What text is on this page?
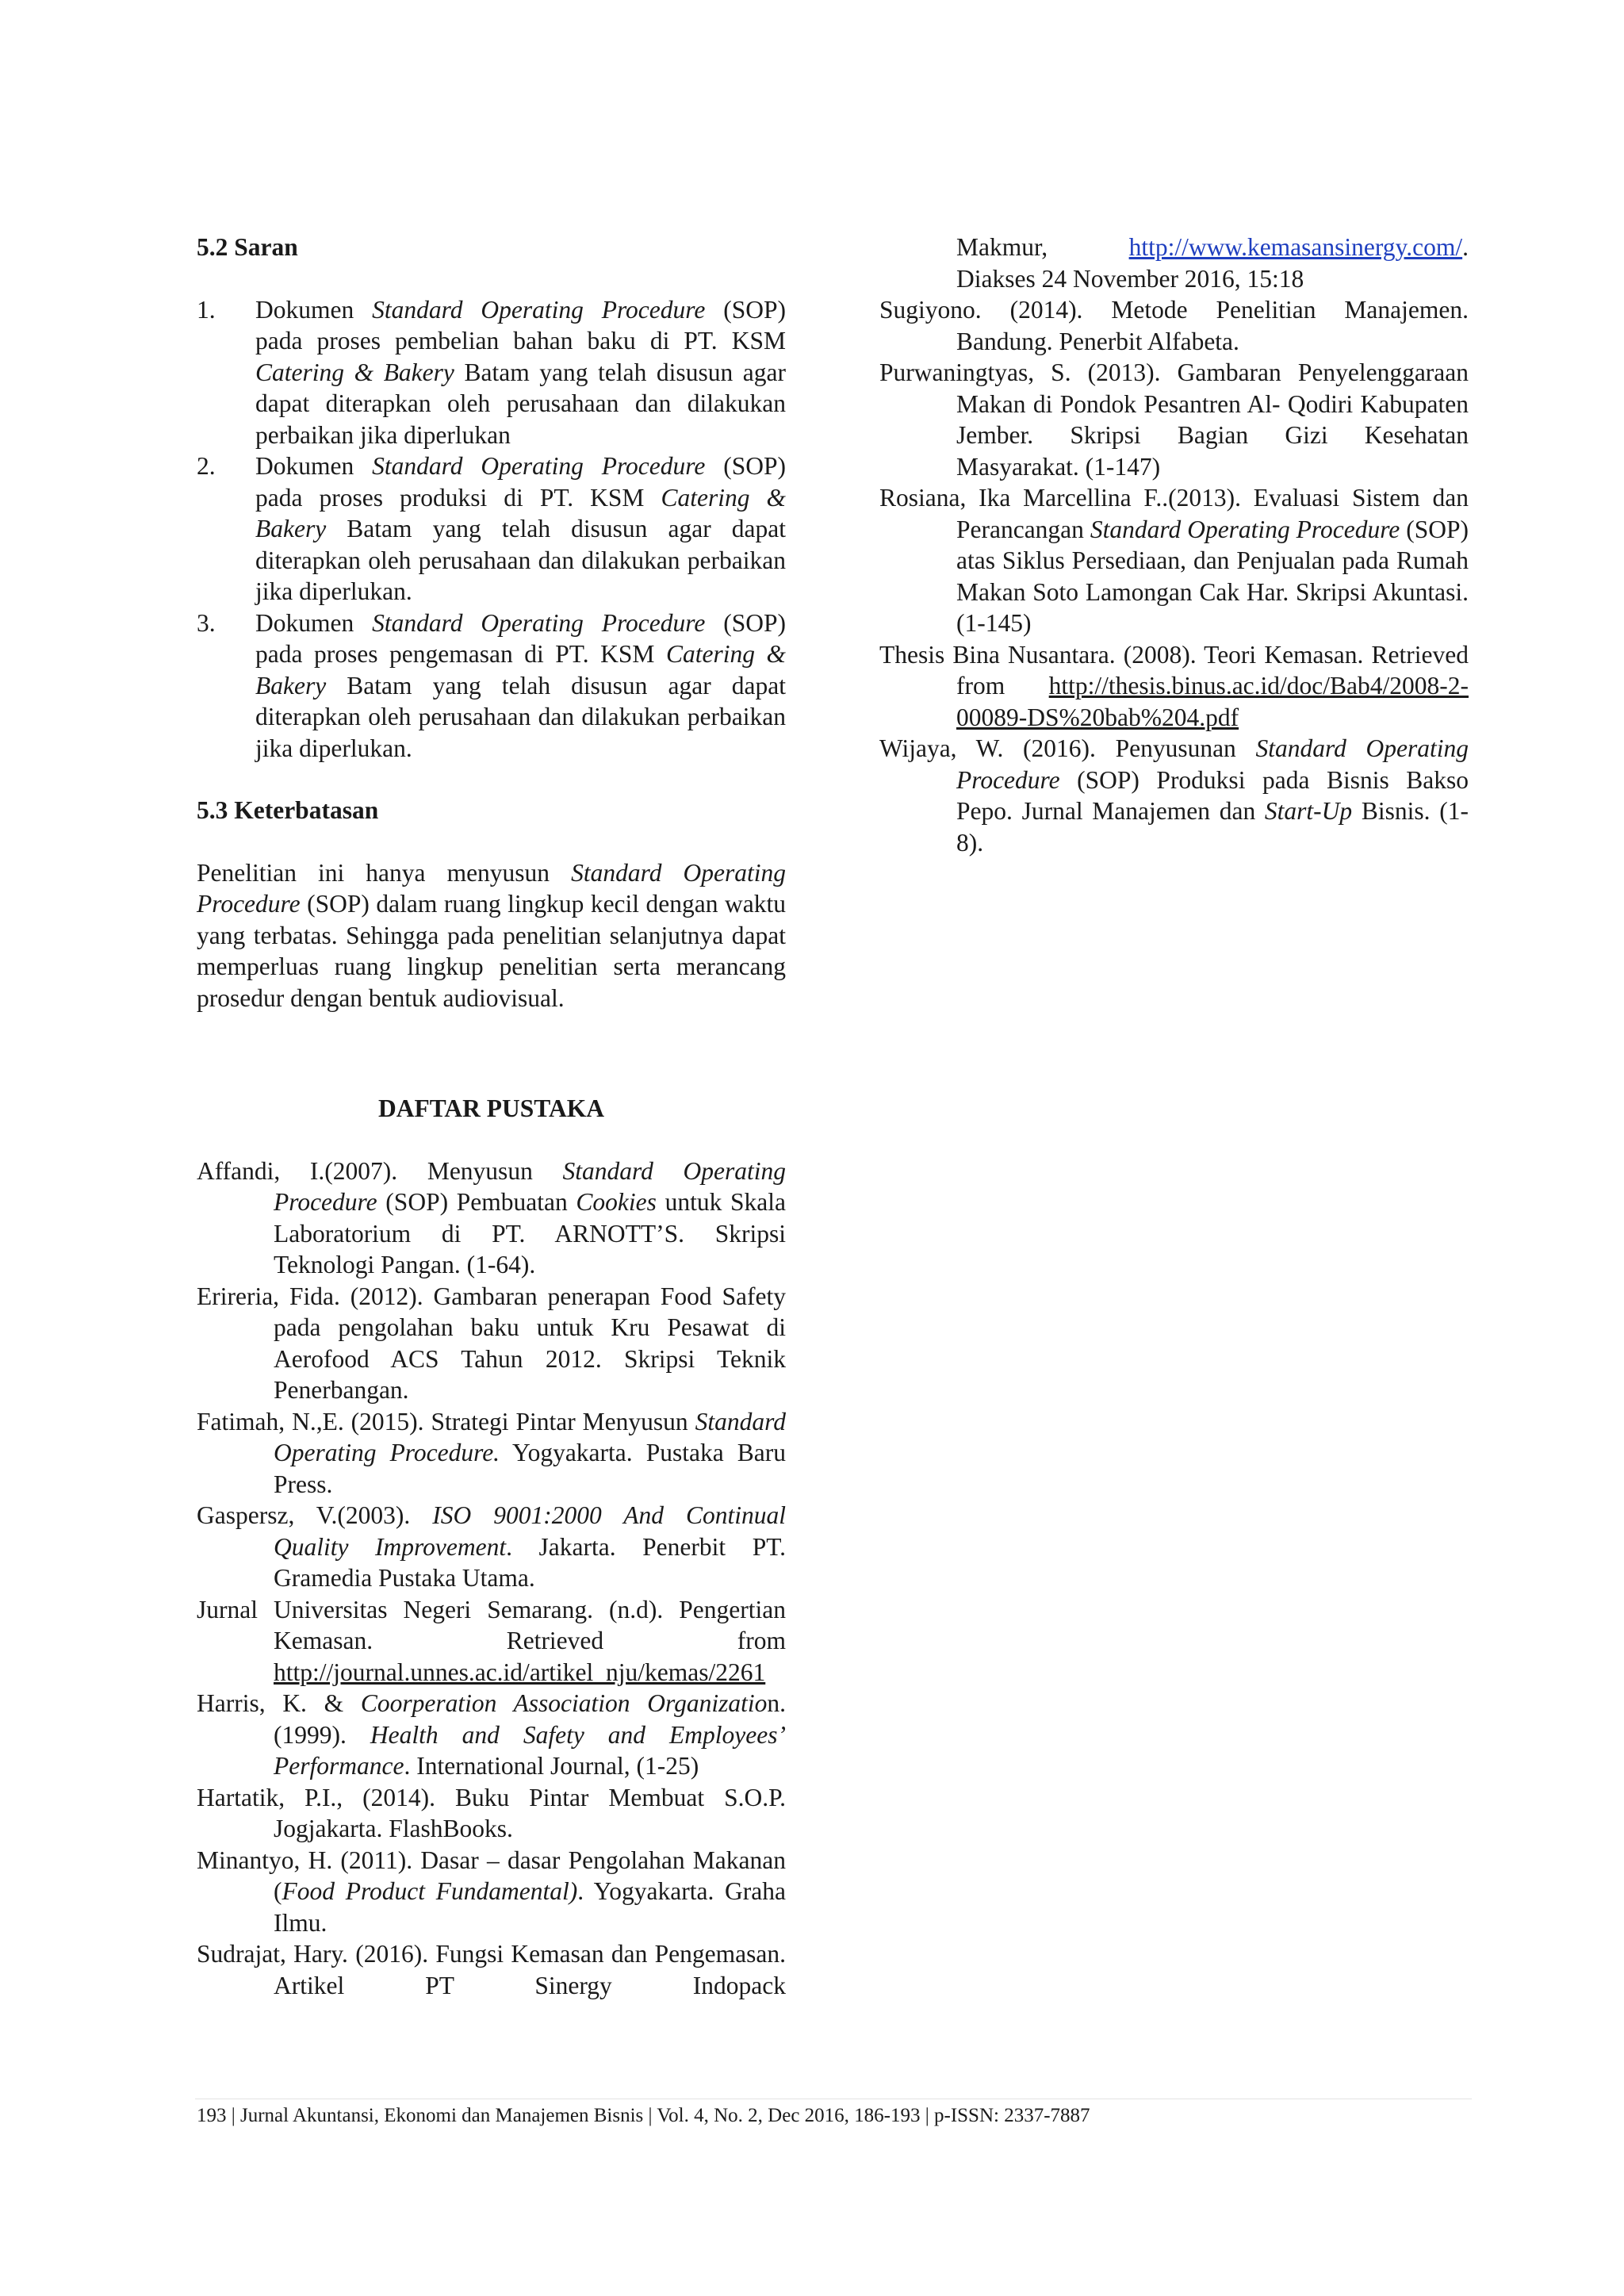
5.2 Saran

1. Dokumen Standard Operating Procedure (SOP) pada proses pembelian bahan baku di PT. KSM Catering & Bakery Batam yang telah disusun agar dapat diterapkan oleh perusahaan dan dilakukan perbaikan jika diperlukan
2. Dokumen Standard Operating Procedure (SOP) pada proses produksi di PT. KSM Catering & Bakery Batam yang telah disusun agar dapat diterapkan oleh perusahaan dan dilakukan perbaikan jika diperlukan.
3. Dokumen Standard Operating Procedure (SOP) pada proses pengemasan di PT. KSM Catering & Bakery Batam yang telah disusun agar dapat diterapkan oleh perusahaan dan dilakukan perbaikan jika diperlukan.

5.3 Keterbatasan

Penelitian ini hanya menyusun Standard Operating Procedure (SOP) dalam ruang lingkup kecil dengan waktu yang terbatas. Sehingga pada penelitian selanjutnya dapat memperluas ruang lingkup penelitian serta merancang prosedur dengan bentuk audiovisual.

DAFTAR PUSTAKA

Affandi, I.(2007). Menyusun Standard Operating Procedure (SOP) Pembuatan Cookies untuk Skala Laboratorium di PT. ARNOTT’S. Skripsi Teknologi Pangan. (1-64).

Erireria, Fida. (2012). Gambaran penerapan Food Safety pada pengolahan baku untuk Kru Pesawat di Aerofood ACS Tahun 2012. Skripsi Teknik Penerbangan.

Fatimah, N.,E. (2015). Strategi Pintar Menyusun Standard Operating Procedure. Yogyakarta. Pustaka Baru Press.

Gaspersz, V.(2003). ISO 9001:2000 And Continual Quality Improvement. Jakarta. Penerbit PT. Gramedia Pustaka Utama.

Jurnal Universitas Negeri Semarang. (n.d). Pengertian Kemasan. Retrieved from http://journal.unnes.ac.id/artikel_nju/kemas/2261

Harris, K. & Coorperation Association Organization. (1999). Health and Safety and Employees’ Performance. International Journal, (1-25)

Hartatik, P.I., (2014). Buku Pintar Membuat S.O.P. Jogjakarta. FlashBooks.

Minantyo, H. (2011). Dasar – dasar Pengolahan Makanan (Food Product Fundamental). Yogyakarta. Graha Ilmu.

Sudrajat, Hary. (2016). Fungsi Kemasan dan Pengemasan. Artikel PT Sinergy Indopack

Makmur,	http://www.kemasansinergy.com/.

Diakses 24 November 2016, 15:18

Sugiyono. (2014). Metode Penelitian Manajemen. Bandung. Penerbit Alfabeta.

Purwaningtyas, S. (2013). Gambaran Penyelenggaraan Makan di Pondok Pesantren Al- Qodiri Kabupaten Jember. Skripsi Bagian Gizi Kesehatan Masyarakat. (1-147)

Rosiana, Ika Marcellina F..(2013). Evaluasi Sistem dan Perancangan Standard Operating Procedure (SOP) atas Siklus Persediaan, dan Penjualan pada Rumah Makan Soto Lamongan Cak Har. Skripsi Akuntasi. (1-145)

Thesis Bina Nusantara. (2008). Teori Kemasan. Retrieved from http://thesis.binus.ac.id/doc/Bab4/2008-2-00089-DS%20bab%204.pdf

Wijaya, W. (2016). Penyusunan Standard Operating Procedure (SOP) Produksi pada Bisnis Bakso Pepo. Jurnal Manajemen dan Start-Up Bisnis. (1-8).

193 | Jurnal Akuntansi, Ekonomi dan Manajemen Bisnis | Vol. 4, No. 2, Dec 2016, 186-193 | p-ISSN: 2337-7887
